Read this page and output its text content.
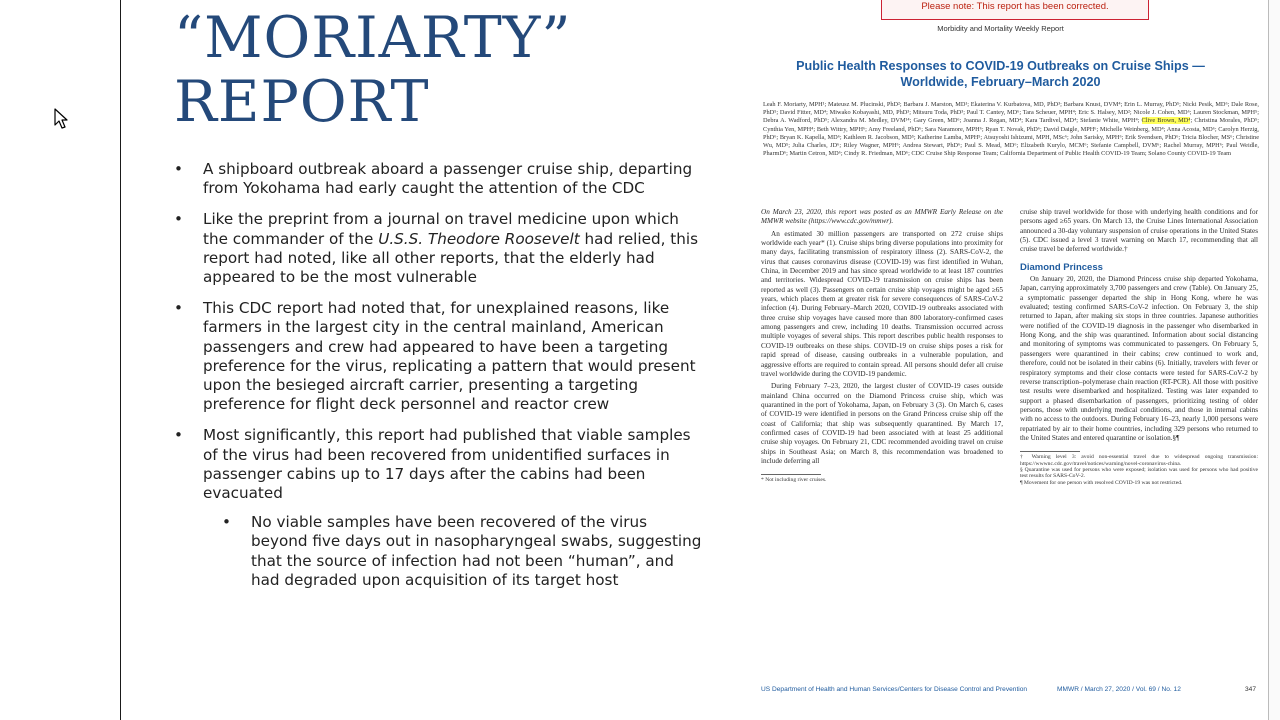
“MORIARTY”
REPORT
• A shipboard outbreak aboard a passenger cruise ship, departing from Yokohama had early caught the attention of the CDC
• Like the preprint from a journal on travel medicine upon which the commander of the U.S.S. Theodore Roosevelt had relied, this report had noted, like all other reports, that the elderly had appeared to be the most vulnerable
• This CDC report had noted that, for unexplained reasons, like farmers in the largest city in the central mainland, American passengers and crew had appeared to have been a targeting preference for the virus, replicating a pattern that would present upon the besieged aircraft carrier, presenting a targeting preference for flight deck personnel and reactor crew
• Most significantly, this report had published that viable samples of the virus had been recovered from unidentified surfaces in passenger cabins up to 17 days after the cabins had been evacuated
• No viable samples have been recovered of the virus beyond five days out in nasopharyngeal swabs, suggesting that the source of infection had not been “human”, and had degraded upon acquisition of its target host
Please note: This report has been corrected.
Morbidity and Mortality Weekly Report
Public Health Responses to COVID-19 Outbreaks on Cruise Ships —
Worldwide, February–March 2020
Leah F. Moriarty, MPH¹; Mateusz M. Plucinski, PhD²; Barbara J. Marston, MD¹; Ekaterina V. Kurbatova, MD, PhD³; Barbara Knust, DVM⁴; Erin L. Murray, PhD⁵; Nicki Pesik, MD⁶; Dale Rose, PhD⁵; David Fitter, MD⁴; Miwako Kobayashi, MD, PhD³; Mitsuru Toda, PhD³; Paul T. Cantey, MD⁶; Tara Scheuer, MPH⁴; Eric S. Halsey, MD²; Nicole J. Cohen, MD⁶; Lauren Stockman, MPH⁵; Debra A. Wadford, PhD⁵; Alexandra M. Medley, DVM¹⁴; Gary Green, MD⁶; Joanna J. Regan, MD⁴; Kara Tardivel, MD⁴; Stefanie White, MPH⁴; Clive Brown, MD⁴; Christina Morales, PhD⁵; Cynthia Yen, MPH⁴; Beth Wittry, MPH⁶; Amy Freeland, PhD⁶; Sara Naramore, MPH⁶; Ryan T. Novak, PhD⁶; David Daigle, MPH⁶; Michelle Weinberg, MD⁴; Anna Acosta, MD⁶; Carolyn Herzig, PhD⁶; Bryan K. Kapella, MD⁶; Kathleen R. Jacobson, MD⁵; Katherine Lamba, MPH⁵; Atsuyoshi Ishizumi, MPH, MSc⁶; John Sarisky, MPH⁶; Erik Svendsen, PhD⁶; Tricia Blocher, MS⁶; Christine Wu, MD⁵; Julia Charles, JD⁶; Riley Wagner, MPH⁶; Andrea Stewart, PhD⁶; Paul S. Mead, MD⁶; Elizabeth Kurylo, MCM⁶; Stefanie Campbell, DVM⁶; Rachel Murray, MPH⁶; Paul Weidle, PharmD⁶; Martin Cetron, MD⁶; Cindy R. Friedman, MD⁶; CDC Cruise Ship Response Team; California Department of Public Health COVID-19 Team; Solano County COVID-19 Team

On March 23, 2020, this report was posted as an MMWR Early Release on the MMWR website (https://www.cdc.gov/mmwr).

An estimated 30 million passengers are transported on 272 cruise ships worldwide each year* (1). Cruise ships bring diverse populations into proximity for many days, facilitating transmission of respiratory illness (2). SARS-CoV-2, the virus that causes coronavirus disease (COVID-19) was first identified in Wuhan, China, in December 2019 and has since spread worldwide to at least 187 countries and territories. Widespread COVID-19 transmission on cruise ships has been reported as well (3). Passengers on certain cruise ship voyages might be aged ≥65 years, which places them at greater risk for severe consequences of SARS-CoV-2 infection (4). During February–March 2020, COVID-19 outbreaks associated with three cruise ship voyages have caused more than 800 laboratory-confirmed cases among passengers and crew, including 10 deaths. Transmission occurred across multiple voyages of several ships. This report describes public health responses to COVID-19 outbreaks on these ships. COVID-19 on cruise ships poses a risk for rapid spread of disease, causing outbreaks in a vulnerable population, and aggressive efforts are required to contain spread. All persons should defer all cruise travel worldwide during the COVID-19 pandemic.

During February 7–23, 2020, the largest cluster of COVID-19 cases outside mainland China occurred on the Diamond Princess cruise ship, which was quarantined in the port of Yokohama, Japan, on February 3 (3). On March 6, cases of COVID-19 were identified in persons on the Grand Princess cruise ship off the coast of California; that ship was subsequently quarantined. By March 17, confirmed cases of COVID-19 had been associated with at least 25 additional cruise ship voyages. On February 21, CDC recommended avoiding travel on cruise ships in Southeast Asia; on March 8, this recommendation was broadened to include deferring all

* Not including river cruises.

cruise ship travel worldwide for those with underlying health conditions and for persons aged ≥65 years. On March 13, the Cruise Lines International Association announced a 30-day voluntary suspension of cruise operations in the United States (5). CDC issued a level 3 travel warning on March 17, recommending that all cruise travel be deferred worldwide.†

Diamond Princess

On January 20, 2020, the Diamond Princess cruise ship departed Yokohama, Japan, carrying approximately 3,700 passengers and crew (Table). On January 25, a symptomatic passenger departed the ship in Hong Kong, where he was evaluated; testing confirmed SARS-CoV-2 infection. On February 3, the ship returned to Japan, after making six stops in three countries. Japanese authorities were notified of the COVID-19 diagnosis in the passenger who disembarked in Hong Kong, and the ship was quarantined. Information about social distancing and monitoring of symptoms was communicated to passengers. On February 5, passengers were quarantined in their cabins; crew continued to work and, therefore, could not be isolated in their cabins (6). Initially, travelers with fever or respiratory symptoms and their close contacts were tested for SARS-CoV-2 by reverse transcription–polymerase chain reaction (RT-PCR). All those with positive test results were disembarked and hospitalized. Testing was later expanded to support a phased disembarkation of passengers, prioritizing testing of older persons, those with underlying medical conditions, and those in internal cabins with no access to the outdoors. During February 16–23, nearly 1,000 persons were repatriated by air to their home countries, including 329 persons who returned to the United States and entered quarantine or isolation.§¶

† Warning level 3: avoid non-essential travel due to widespread ongoing transmission: https://wwwnc.cdc.gov/travel/notices/warning/novel-coronavirus-china.

§ Quarantine was used for persons who were exposed; isolation was used for persons who had positive test results for SARS-CoV-2.

¶ Movement for one person with resolved COVID-19 was not restricted.

US Department of Health and Human Services/Centers for Disease Control and Prevention	MMWR / March 27, 2020 / Vol. 69 / No. 12	347
